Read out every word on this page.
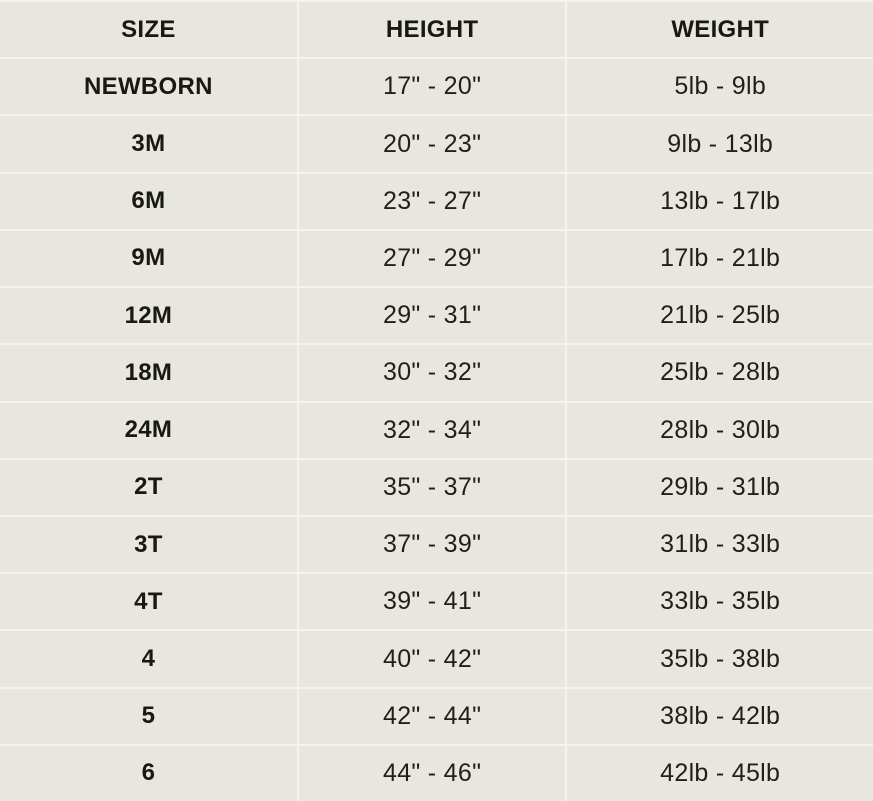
SIZE	HEIGHT	WEIGHT
NEWBORN	17" - 20"	5lb - 9lb
3M	20" - 23"	9lb - 13lb
6M	23" - 27"	13lb - 17lb
9M	27" - 29"	17lb - 21lb
12M	29" - 31"	21lb - 25lb
18M	30" - 32"	25lb - 28lb
24M	32" - 34"	28lb - 30lb
2T	35" - 37"	29lb - 31lb
3T	37" - 39"	31lb - 33lb
4T	39" - 41"	33lb - 35lb
4	40" - 42"	35lb - 38lb
5	42" - 44"	38lb - 42lb
6	44" - 46"	42lb - 45lb
